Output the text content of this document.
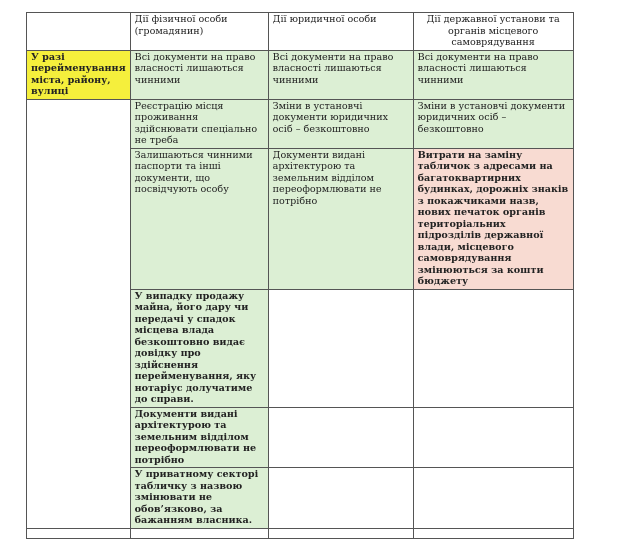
	Дії фізичної особи (громадянин)	Дії юридичної особи	Дії державної установи та органів місцевого самоврядування
У разі перейменування міста, району, вулиці	Всі документи на право власності лишаються чинними	Всі документи на право власності лишаються чинними	Всі документи на право власності лишаються чинними
	Реєстрацію місця проживання здійснювати спеціально не треба	Зміни в установчі документи юридичних осіб – безкоштовно	Зміни в установчі документи юридичних осіб – безкоштовно
	Залишаються чинними паспорти та інші документи, що посвідчують особу	Документи видані архітектурою та земельним відділом переоформлювати не потрібно	Витрати на заміну табличок з адресами на багатоквартирних будинках, дорожніх знаків з покажчиками назв, нових печаток органів територіальних підрозділів державної влади, місцевого самоврядування змінюються за кошти бюджету
	У випадку продажу майна, його дару чи передачі у спадок місцева влада безкоштовно видає довідку про здійснення перейменування, яку нотаріус долучатиме до справи.		
	Документи видані архітектурою та земельним відділом переоформлювати не потрібно		
	У приватному секторі табличку з назвою змінювати не обов’язково, за бажанням власника.		
